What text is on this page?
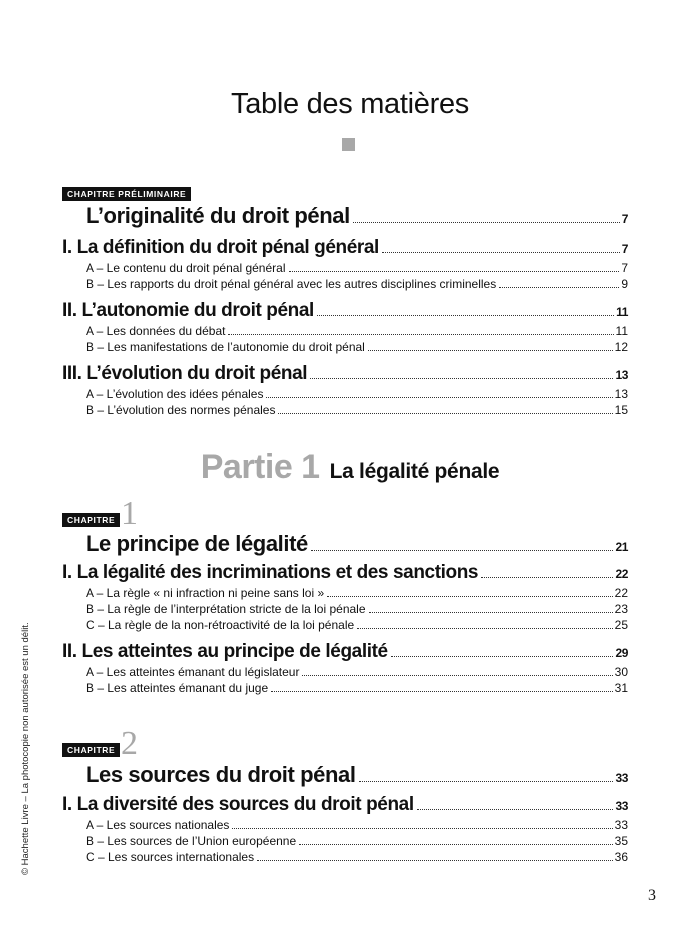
Table des matières
CHAPITRE PRÉLIMINAIRE
L’originalité du droit pénal	7
I. La définition du droit pénal général	7
A – Le contenu du droit pénal général	7
B – Les rapports du droit pénal général avec les autres disciplines criminelles	9
II. L’autonomie du droit pénal	11
A – Les données du débat	11
B – Les manifestations de l’autonomie du droit pénal	12
III. L’évolution du droit pénal	13
A – L’évolution des idées pénales	13
B – L’évolution des normes pénales	15
Partie 1 La légalité pénale
CHAPITRE 1
Le principe de légalité	21
I. La légalité des incriminations et des sanctions	22
A – La règle « ni infraction ni peine sans loi »	22
B – La règle de l’interprétation stricte de la loi pénale	23
C – La règle de la non-rétroactivité de la loi pénale	25
II. Les atteintes au principe de légalité	29
A – Les atteintes émanant du législateur	30
B – Les atteintes émanant du juge	31
CHAPITRE 2
Les sources du droit pénal	33
I. La diversité des sources du droit pénal	33
A – Les sources nationales	33
B – Les sources de l’Union européenne	35
C – Les sources internationales	36
© Hachette Livre – La photocopie non autorisée est un délit.
3
